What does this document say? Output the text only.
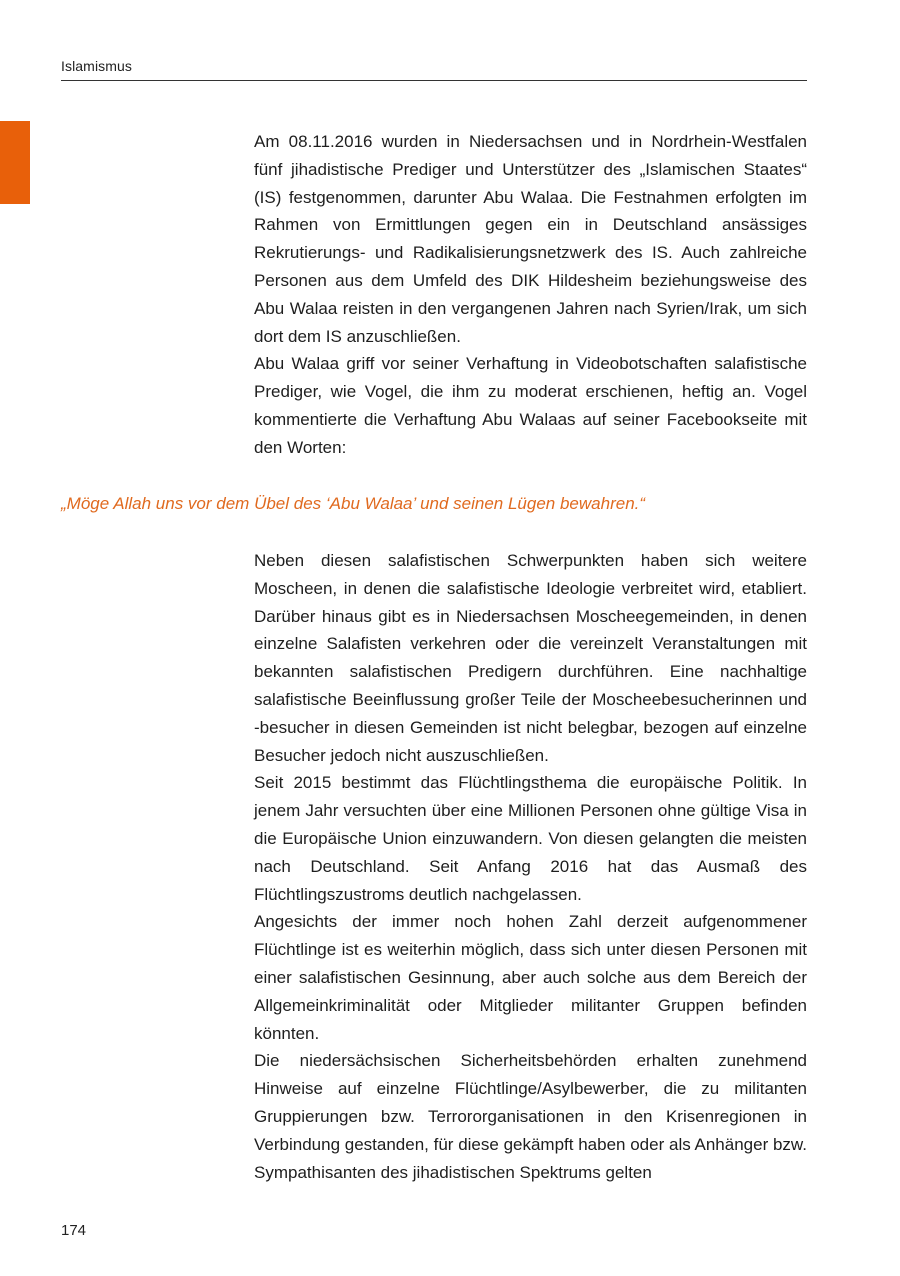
Islamismus

Am 08.11.2016 wurden in Niedersachsen und in Nordrhein-Westfalen fünf jihadistische Prediger und Unterstützer des „Islamischen Staates“ (IS) festgenommen, darunter Abu Walaa. Die Festnahmen erfolgten im Rahmen von Ermittlungen gegen ein in Deutschland ansässiges Rekrutierungs- und Radikalisierungsnetzwerk des IS. Auch zahlreiche Personen aus dem Umfeld des DIK Hildesheim beziehungsweise des Abu Walaa reisten in den vergangenen Jahren nach Syrien/Irak, um sich dort dem IS anzuschließen.

Abu Walaa griff vor seiner Verhaftung in Videobotschaften salafistische Prediger, wie Vogel, die ihm zu moderat erschienen, heftig an. Vogel kommentierte die Verhaftung Abu Walaas auf seiner Facebookseite mit den Worten:

„Möge Allah uns vor dem Übel des ‘Abu Walaa’ und seinen Lügen bewahren.“

Neben diesen salafistischen Schwerpunkten haben sich weitere Moscheen, in denen die salafistische Ideologie verbreitet wird, etabliert. Darüber hinaus gibt es in Niedersachsen Moscheegemeinden, in denen einzelne Salafisten verkehren oder die vereinzelt Veranstaltungen mit bekannten salafistischen Predigern durchführen. Eine nachhaltige salafistische Beeinflussung großer Teile der Moscheebesucherinnen und -besucher in diesen Gemeinden ist nicht belegbar, bezogen auf einzelne Besucher jedoch nicht auszuschließen.

Seit 2015 bestimmt das Flüchtlingsthema die europäische Politik. In jenem Jahr versuchten über eine Millionen Personen ohne gültige Visa in die Europäische Union einzuwandern. Von diesen gelangten die meisten nach Deutschland. Seit Anfang 2016 hat das Ausmaß des Flüchtlingszustroms deutlich nachgelassen.

Angesichts der immer noch hohen Zahl derzeit aufgenommener Flüchtlinge ist es weiterhin möglich, dass sich unter diesen Personen mit einer salafistischen Gesinnung, aber auch solche aus dem Bereich der Allgemeinkriminalität oder Mitglieder militanter Gruppen befinden könnten.

Die niedersächsischen Sicherheitsbehörden erhalten zunehmend Hinweise auf einzelne Flüchtlinge/Asylbewerber, die zu militanten Gruppierungen bzw. Terrororganisationen in den Krisenregionen in Verbindung gestanden, für diese gekämpft haben oder als Anhänger bzw. Sympathisanten des jihadistischen Spektrums gelten

174
